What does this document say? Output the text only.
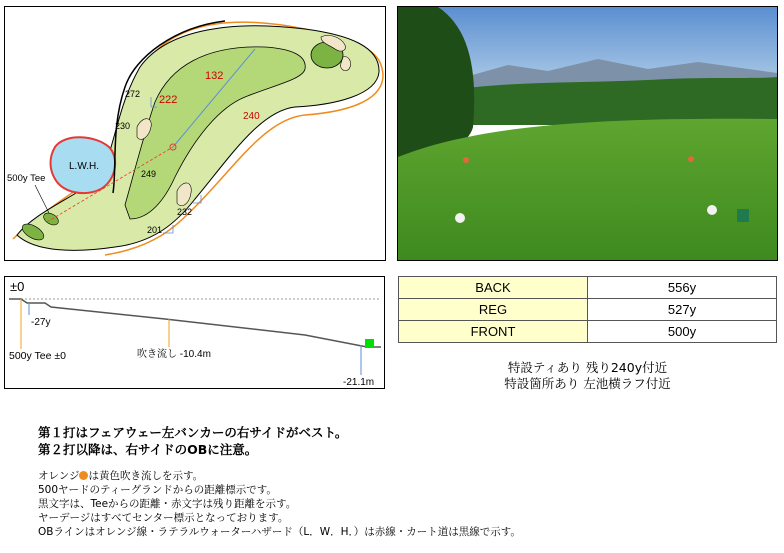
132
222
240
272
230
249
232
201
L.W.H.
500y Tee
±0
-27y
500y Tee ±0	吹き流し -10.4m
-21.1m
BACK	556y
REG	527y
FRONT	500y
特設ティあり 残り240y付近
特設箇所あり 左池横ラフ付近
第１打はフェアウェー左バンカーの右サイドがベスト。
第２打以降は、右サイドのOBに注意。
オレンジ は黄色吹き流しを示す。
500ヤードのティーグランドからの距離標示です。
黒文字は、Teeからの距離・赤文字は残り距離を示す。
ヤーデージはすべてセンター標示となっております。
OBラインはオレンジ線・ラテラルウォーターハザード（L．W．H．）は赤線・カート道は黒線で示す。
